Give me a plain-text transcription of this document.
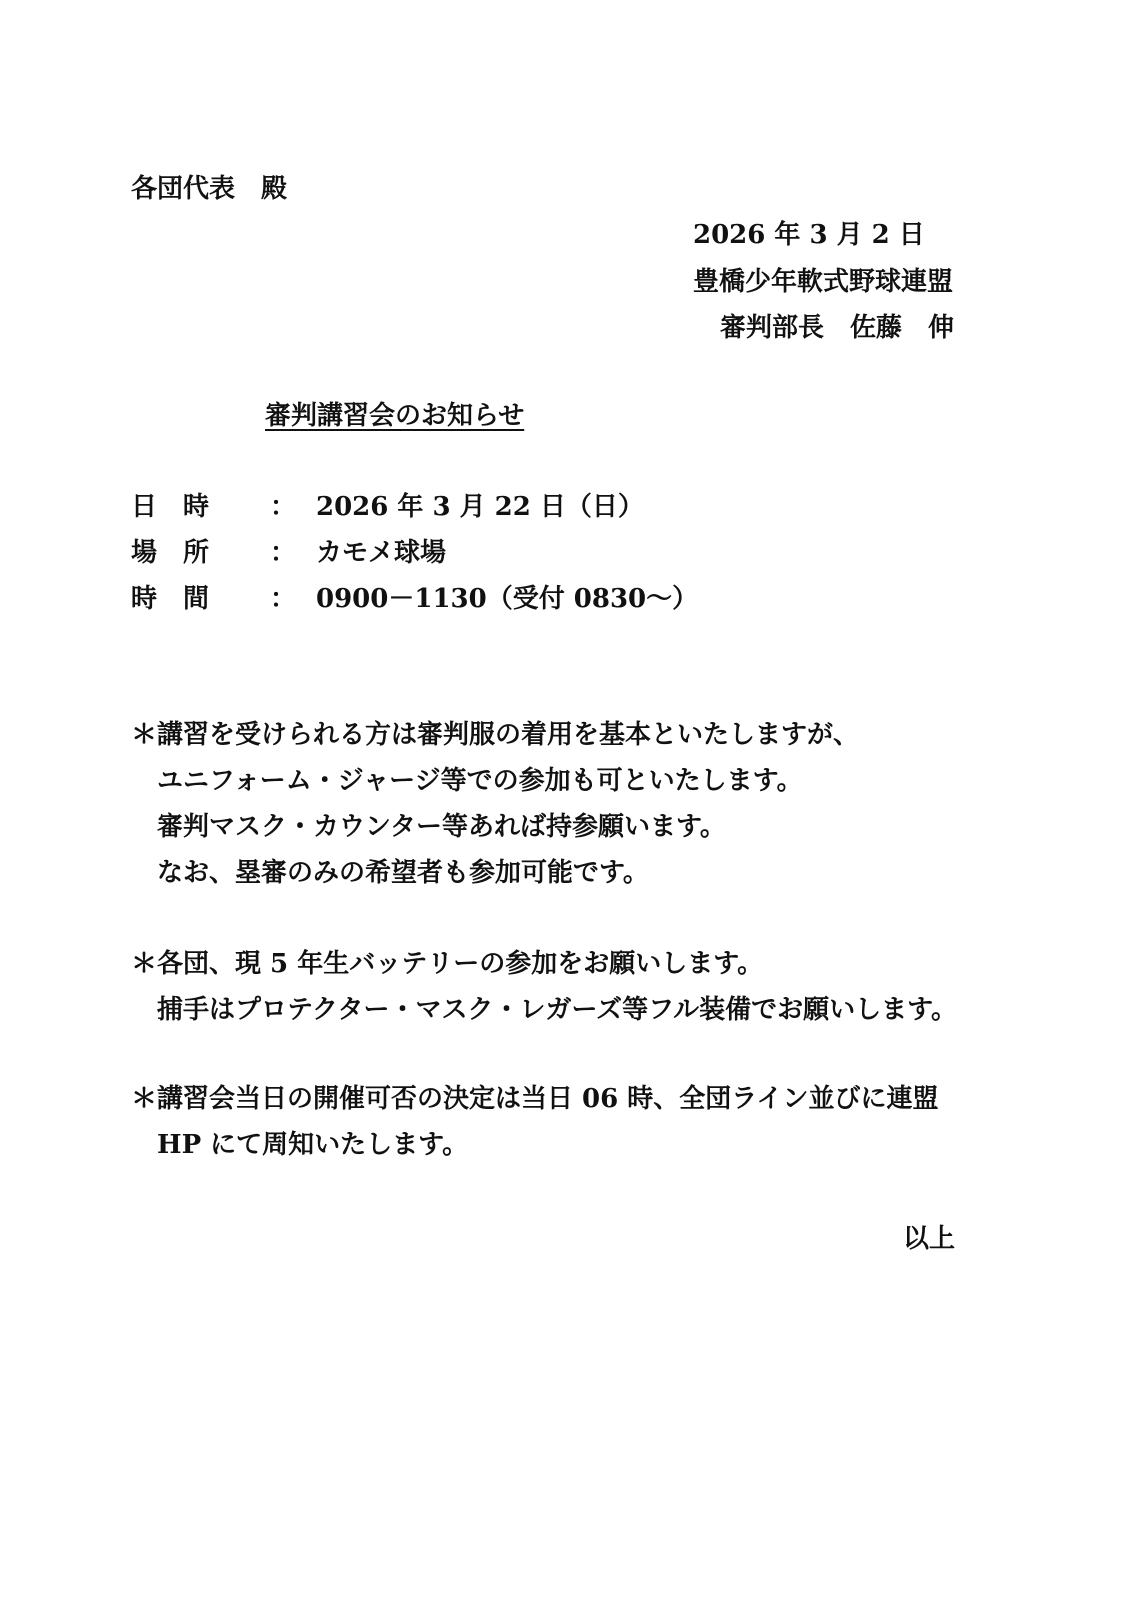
各団代表　殿
2026 年 3 月 2 日
豊橋少年軟式野球連盟
審判部長　佐藤　伸
審判講習会のお知らせ
日　時	： 2026 年 3 月 22 日（日）
場　所	： カモメ球場
時　間	： 0900－1130（受付 0830～）
＊講習を受けられる方は審判服の着用を基本といたしますが、
ユニフォーム・ジャージ等での参加も可といたします。
審判マスク・カウンター等あれば持参願います。
なお、塁審のみの希望者も参加可能です。
＊各団、現 5 年生バッテリーの参加をお願いします。
捕手はプロテクター・マスク・レガーズ等フル装備でお願いします。
＊講習会当日の開催可否の決定は当日 06 時、全団ライン並びに連盟
HP にて周知いたします。
以上
